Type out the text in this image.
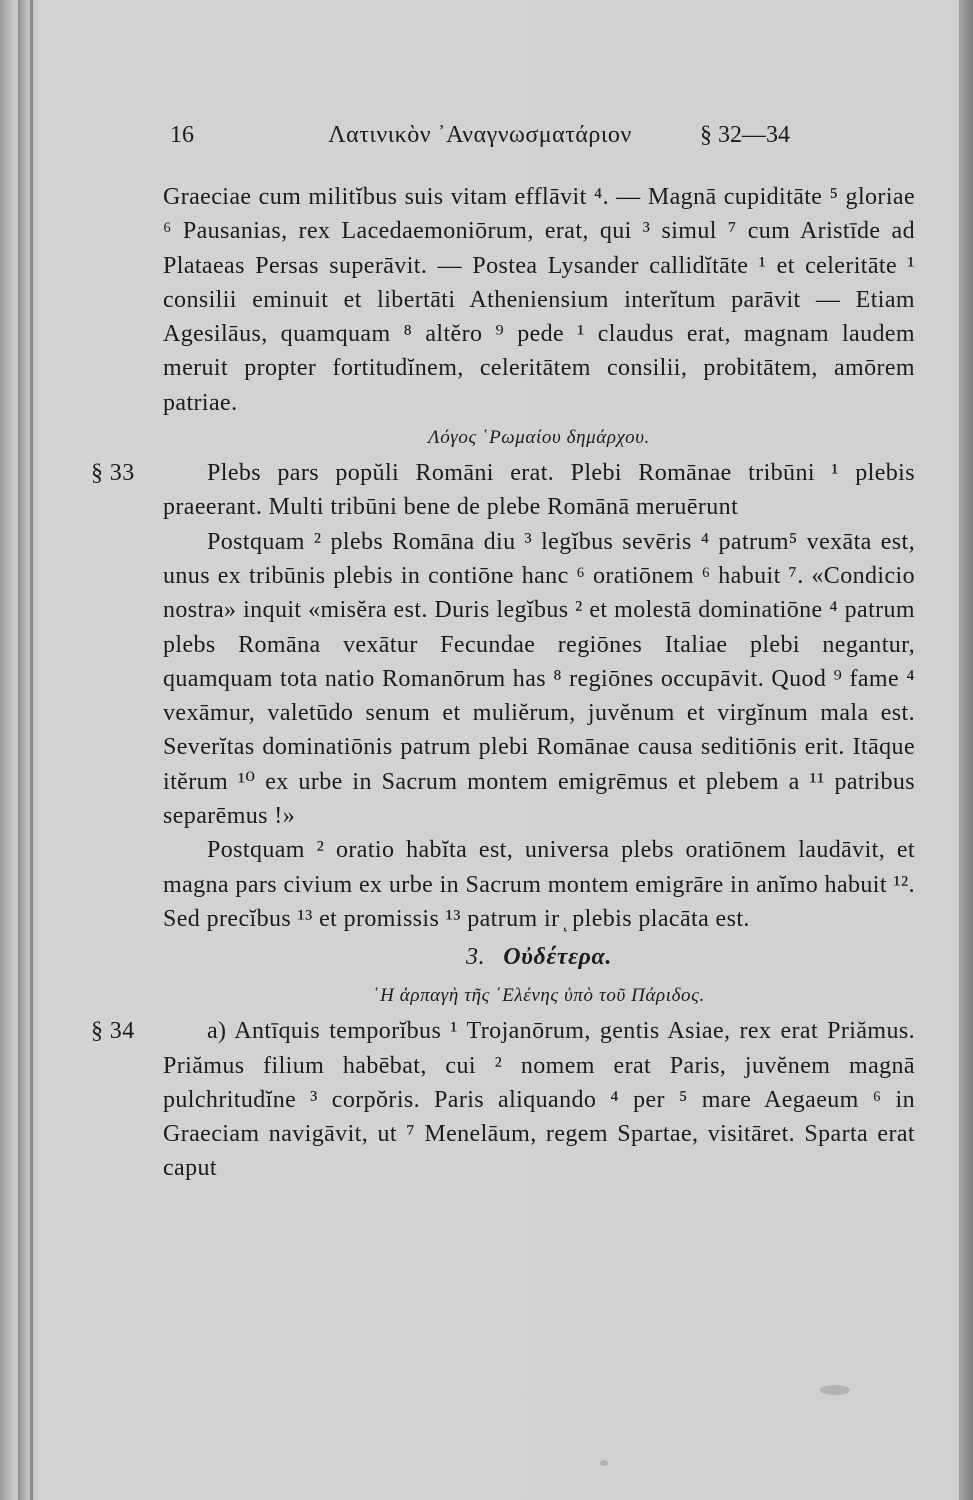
16	Λατινικὸν ᾿Αναγνωσματάριον	§ 32—34

Graeciae cum militĭbus suis vitam efflāvit ⁴. — Magnā cupiditāte ⁵ gloriae ⁶ Pausanias, rex Lacedaemoniōrum, erat, qui ³ simul ⁷ cum Aristīde ad Plataeas Persas superāvit. — Postea Lysander callidĭtāte ¹ et celeritāte ¹ consilii eminuit et libertāti Atheniensium interĭtum parāvit — Etiam Agesilāus, quamquam ⁸ altĕro ⁹ pede ¹ claudus erat, magnam laudem meruit propter fortitudĭnem, celeritātem consilii, probitātem, amōrem patriae.

Λόγος ῾Ρωμαίου δημάρχου.

§ 33	Plebs pars popŭli Romāni erat. Plebi Romānae tribūni ¹ plebis praeerant. Multi tribūni bene de plebe Romānā meruērunt

Postquam ² plebs Romāna diu ³ legĭbus sevēris ⁴ patrum⁵ vexāta est, unus ex tribūnis plebis in contiōne hanc ⁶ oratiōnem ⁶ habuit ⁷. «Condicio nostra» inquit «misĕra est. Duris legĭbus ² et molestā dominatiōne ⁴ patrum plebs Romāna vexātur Fecundae regiōnes Italiae plebi negantur, quamquam tota natio Romanōrum has ⁸ regiōnes occupāvit. Quod ⁹ fame ⁴ vexāmur, valetūdo senum et muliĕrum, juvĕnum et virgĭnum mala est. Severĭtas dominatiōnis patrum plebi Romānae causa seditiōnis erit. Itāque itĕrum ¹⁰ ex urbe in Sacrum montem emigrēmus et plebem a ¹¹ patribus separēmus !»

Postquam ² oratio habĭta est, universa plebs oratiōnem laudāvit, et magna pars civium ex urbe in Sacrum montem emigrāre in anĭmo habuit ¹². Sed precĭbus ¹³ et promissis ¹³ patrum ir ͅ plebis placāta est.

3. Οὐδέτερα.

῾Η ἁρπαγὴ τῆς ῾Ελένης ὑπὸ τοῦ Πάριδος.

§ 34	a) Antīquis temporĭbus ¹ Trojanōrum, gentis Asiae, rex erat Priămus. Priămus filium habēbat, cui ² nomem erat Paris, juvĕnem magnā pulchritudĭne ³ corpŏris. Paris aliquando ⁴ per ⁵ mare Aegaeum ⁶ in Graeciam navigāvit, ut ⁷ Menelāum, regem Spartae, visitāret. Sparta erat caput
